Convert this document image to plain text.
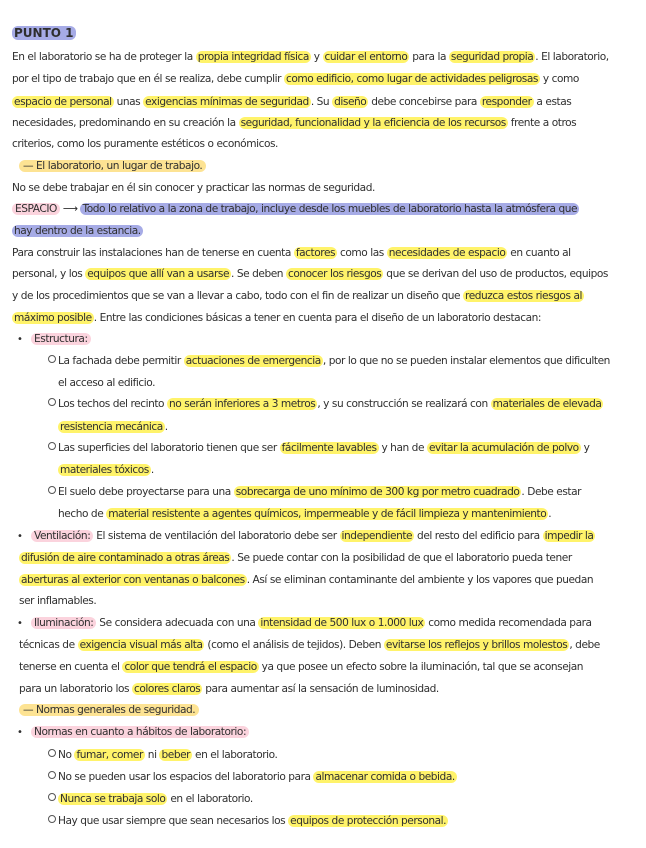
PUNTO 1
En el laboratorio se ha de proteger la propia integridad física y cuidar el entorno para la seguridad propia . El laboratorio,
por el tipo de trabajo que en él se realiza, debe cumplir como edificio, como lugar de actividades peligrosas y como
espacio de personal unas exigencias mínimas de seguridad . Su diseño debe concebirse para responder a estas
necesidades, predominando en su creación la seguridad, funcionalidad y la eficiencia de los recursos frente a otros
criterios, como los puramente estéticos o económicos.
— El laboratorio, un lugar de trabajo.
No se debe trabajar en él sin conocer y practicar las normas de seguridad.
ESPACIO ⟶ Todo lo relativo a la zona de trabajo, incluye desde los muebles de laboratorio hasta la atmósfera que
hay dentro de la estancia.
Para construir las instalaciones han de tenerse en cuenta factores como las necesidades de espacio en cuanto al
personal, y los equipos que allí van a usarse . Se deben conocer los riesgos que se derivan del uso de productos, equipos
y de los procedimientos que se van a llevar a cabo, todo con el fin de realizar un diseño que reduzca estos riesgos al
máximo posible . Entre las condiciones básicas a tener en cuenta para el diseño de un laboratorio destacan:
• Estructura:
La fachada debe permitir actuaciones de emergencia , por lo que no se pueden instalar elementos que dificulten
el acceso al edificio.
Los techos del recinto no serán inferiores a 3 metros , y su construcción se realizará con materiales de elevada
resistencia mecánica .
Las superficies del laboratorio tienen que ser fácilmente lavables y han de evitar la acumulación de polvo y
materiales tóxicos .
El suelo debe proyectarse para una sobrecarga de uno mínimo de 300 kg por metro cuadrado . Debe estar
hecho de material resistente a agentes químicos, impermeable y de fácil limpieza y mantenimiento .
• Ventilación: El sistema de ventilación del laboratorio debe ser independiente del resto del edificio para impedir la
difusión de aire contaminado a otras áreas . Se puede contar con la posibilidad de que el laboratorio pueda tener
aberturas al exterior con ventanas o balcones . Así se eliminan contaminante del ambiente y los vapores que puedan
ser inflamables.
• Iluminación: Se considera adecuada con una intensidad de 500 lux o 1.000 lux como medida recomendada para
técnicas de exigencia visual más alta (como el análisis de tejidos). Deben evitarse los reflejos y brillos molestos , debe
tenerse en cuenta el color que tendrá el espacio ya que posee un efecto sobre la iluminación, tal que se aconsejan
para un laboratorio los colores claros para aumentar así la sensación de luminosidad.
— Normas generales de seguridad.
• Normas en cuanto a hábitos de laboratorio:
No fumar, comer ni beber en el laboratorio.
No se pueden usar los espacios del laboratorio para almacenar comida o bebida.
Nunca se trabaja solo en el laboratorio.
Hay que usar siempre que sean necesarios los equipos de protección personal.
